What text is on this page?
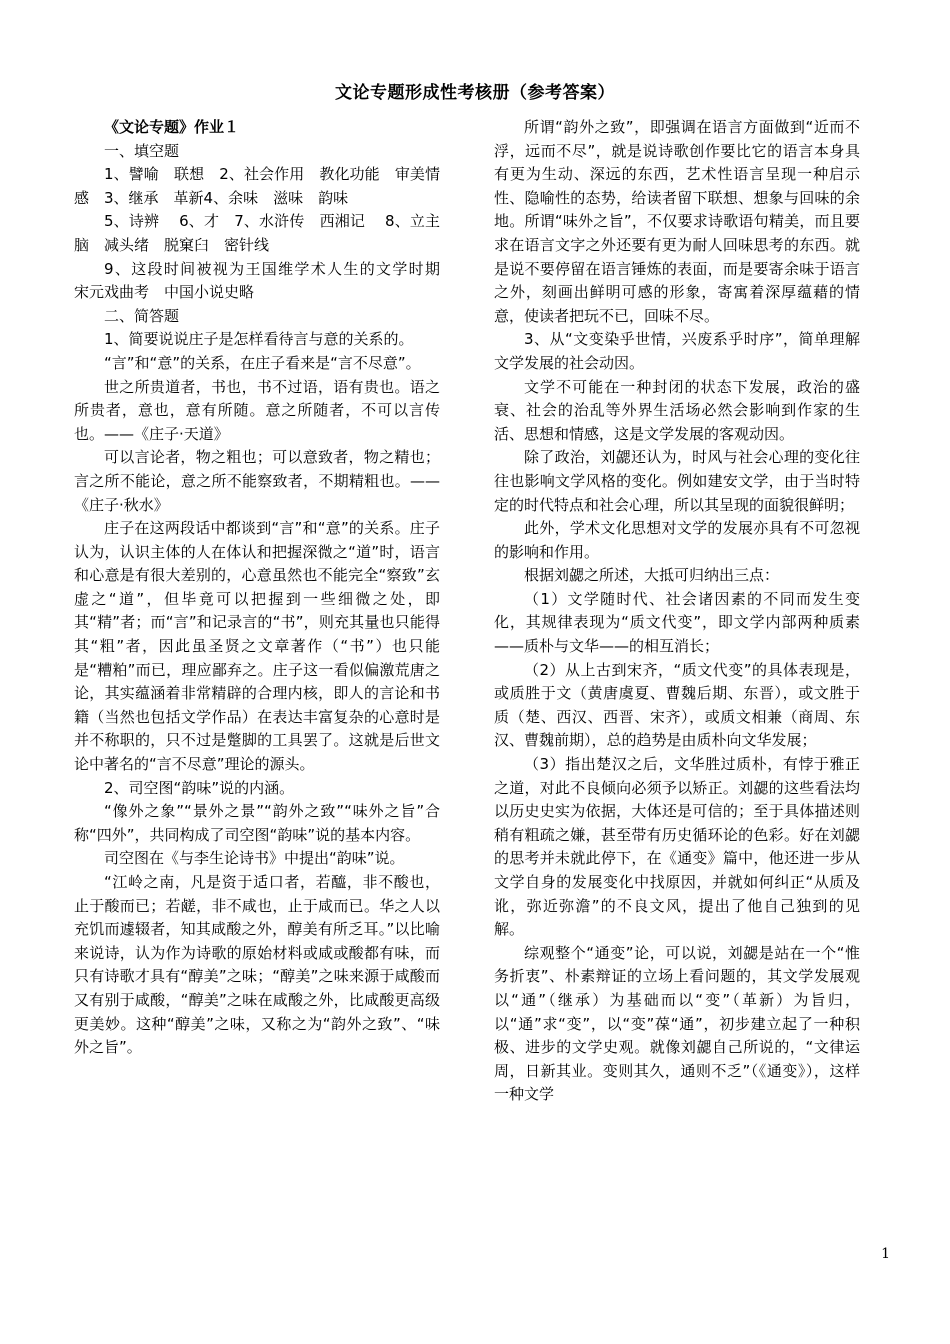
文论专题形成性考核册（参考答案）

《文论专题》作业１

一、填空题

1、譬喻　联想　2、社会作用　教化功能　审美情感　3、继承　革新4、余味　滋味　韵味

5、诗辨　 6、才　7、水浒传　西湘记　 8、立主脑　减头绪　脱窠臼　密针线

9、这段时间被视为王国维学术人生的文学时期　宋元戏曲考　中国小说史略

二、简答题

1、简要说说庄子是怎样看待言与意的关系的。

“言”和“意”的关系，在庄子看来是“言不尽意”。

世之所贵道者，书也，书不过语，语有贵也。语之所贵者，意也，意有所随。意之所随者，不可以言传也。——《庄子·天道》

可以言论者，物之粗也；可以意致者，物之精也；言之所不能论，意之所不能察致者，不期精粗也。——《庄子·秋水》

庄子在这两段话中都谈到“言”和“意”的关系。庄子认为，认识主体的人在体认和把握深微之“道”时，语言和心意是有很大差别的，心意虽然也不能完全“察致”玄虚之“道”，但毕竟可以把握到一些细微之处，即其“精”者；而“言”和记录言的“书”，则充其量也只能得其“粗”者，因此虽圣贤之文章著作（“书”）也只能是“糟粕”而已，理应鄙弃之。庄子这一看似偏激荒唐之论，其实蕴涵着非常精辟的合理内核，即人的言论和书籍（当然也包括文学作品）在表达丰富复杂的心意时是并不称职的，只不过是蹩脚的工具罢了。这就是后世文论中著名的“言不尽意”理论的源头。

2、司空图“韵味”说的内涵。

“像外之象”“景外之景”“韵外之致”“味外之旨”合称“四外”，共同构成了司空图“韵味”说的基本内容。

司空图在《与李生论诗书》中提出“韵味”说。

“江岭之南，凡是资于适口者，若醯，非不酸也，止于酸而已；若鹾，非不咸也，止于咸而已。华之人以充饥而遽辍者，知其咸酸之外，醇美有所乏耳。”以比喻来说诗，认为作为诗歌的原始材料或咸或酸都有味，而只有诗歌才具有“醇美”之味；“醇美”之味来源于咸酸而又有别于咸酸，“醇美”之味在咸酸之外，比咸酸更高级更美妙。这种“醇美”之味，又称之为“韵外之致”、“味外之旨”。

所谓“韵外之致”，即强调在语言方面做到“近而不浮，远而不尽”，就是说诗歌创作要比它的语言本身具有更为生动、深远的东西，艺术性语言呈现一种启示性、隐喻性的态势，给读者留下联想、想象与回味的余地。所谓“味外之旨”，不仅要求诗歌语句精美，而且要求在语言文字之外还要有更为耐人回味思考的东西。就是说不要停留在语言锤炼的表面，而是要寄余味于语言之外，刻画出鲜明可感的形象，寄寓着深厚蕴藉的情意，使读者把玩不已，回味不尽。

3、从“文变染乎世情，兴废系乎时序”，简单理解文学发展的社会动因。

文学不可能在一种封闭的状态下发展，政治的盛衰、社会的治乱等外界生活场必然会影响到作家的生活、思想和情感，这是文学发展的客观动因。

除了政治，刘勰还认为，时风与社会心理的变化往往也影响文学风格的变化。例如建安文学，由于当时特定的时代特点和社会心理，所以其呈现的面貌很鲜明；

此外，学术文化思想对文学的发展亦具有不可忽视的影响和作用。

根据刘勰之所述，大抵可归纳出三点：

（1）文学随时代、社会诸因素的不同而发生变化，其规律表现为“质文代变”，即文学内部两种质素——质朴与文华——的相互消长；

（2）从上古到宋齐，“质文代变”的具体表现是，或质胜于文（黄唐虞夏、曹魏后期、东晋），或文胜于质（楚、西汉、西晋、宋齐），或质文相兼（商周、东汉、曹魏前期），总的趋势是由质朴向文华发展；

（3）指出楚汉之后，文华胜过质朴，有悖于雅正之道，对此不良倾向必须予以矫正。刘勰的这些看法均以历史史实为依据，大体还是可信的；至于具体描述则稍有粗疏之嫌，甚至带有历史循环论的色彩。好在刘勰的思考并未就此停下，在《通变》篇中，他还进一步从文学自身的发展变化中找原因，并就如何纠正“从质及讹，弥近弥澹”的不良文风，提出了他自己独到的见解。

综观整个“通变”论，可以说，刘勰是站在一个“惟务折衷”、朴素辩证的立场上看问题的，其文学发展观以“通”（继承）为基础而以“变”（革新）为旨归，以“通”求“变”，以“变”葆“通”，初步建立起了一种积极、进步的文学史观。就像刘勰自己所说的，“文律运周，日新其业。变则其久，通则不乏”（《通变》），这样一种文学

1
